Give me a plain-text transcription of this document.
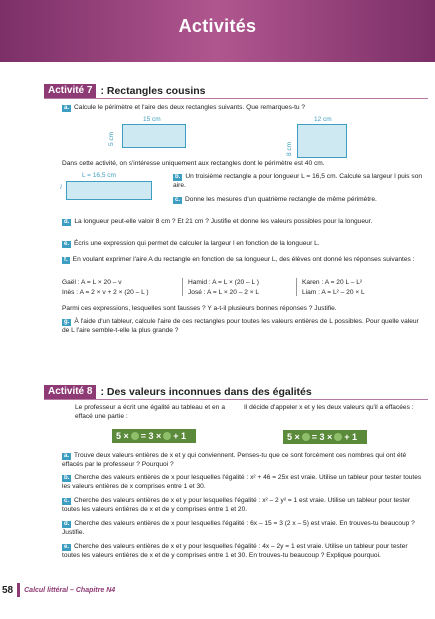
Activités
Activité 7 : Rectangles cousins
a. Calcule le périmètre et l'aire des deux rectangles suivants. Que remarques-tu ?
15 cm
5 cm
12 cm
8 cm
Dans cette activité, on s'intéresse uniquement aux rectangles dont le périmètre est 40 cm.
L = 16,5 cm
l
b. Un troisième rectangle a pour longueur L = 16,5 cm. Calcule sa largeur l puis son aire.
c. Donne les mesures d'un quatrième rectangle de même périmètre.
d. La longueur peut-elle valoir 8 cm ? Et 21 cm ? Justifie et donne les valeurs possibles pour la longueur.
e. Écris une expression qui permet de calculer la largeur l en fonction de la longueur L.
f. En voulant exprimer l'aire A du rectangle en fonction de sa longueur L, des élèves ont donné les réponses suivantes :
Gaël : A = L × 20 – ν	Hamid : A = L × (20 – L )	Karen : A = 20 L – L²
Inès : A = 2 × ν + 2 × (20 – L )	José : A = L × 20 – 2 × L	Liam : A = L² – 20 × L
Parmi ces expressions, lesquelles sont fausses ? Y a-t-il plusieurs bonnes réponses ? Justifie.
g. À l'aide d'un tableur, calcule l'aire de ces rectangles pour toutes les valeurs entières de L possibles. Pour quelle valeur de L l'aire semble-t-elle la plus grande ?
Activité 8 : Des valeurs inconnues dans des égalités
Le professeur a écrit une égalité au tableau et en a effacé une partie :
Il décide d'appeler x et y les deux valeurs qu'il a effacées :
5 × = 3 × + 1	5 × = 3 × + 1
a. Trouve deux valeurs entières de x et y qui conviennent. Penses-tu que ce sont forcément ces nombres qui ont été effacés par le professeur ? Pourquoi ?
b. Cherche des valeurs entières de x pour lesquelles l'égalité : x² + 46 = 25x est vraie. Utilise un tableur pour tester toutes les valeurs entières de x comprises entre 1 et 30.
c. Cherche des valeurs entières de x et y pour lesquelles l'égalité : x² – 2 y² = 1 est vraie. Utilise un tableur pour tester toutes les valeurs entières de x et de y comprises entre 1 et 20.
d. Cherche des valeurs entières de x pour lesquelles l'égalité : 6x – 15 = 3 (2 x – 5) est vraie. En trouves-tu beaucoup ? Justifie.
e. Cherche des valeurs entières de x et y pour lesquelles l'égalité : 4x – 2y = 1 est vraie. Utilise un tableur pour tester toutes les valeurs entières de x et de y comprises entre 1 et 30. En trouves-tu beaucoup ? Explique pourquoi.
58 Calcul littéral – Chapitre N4
